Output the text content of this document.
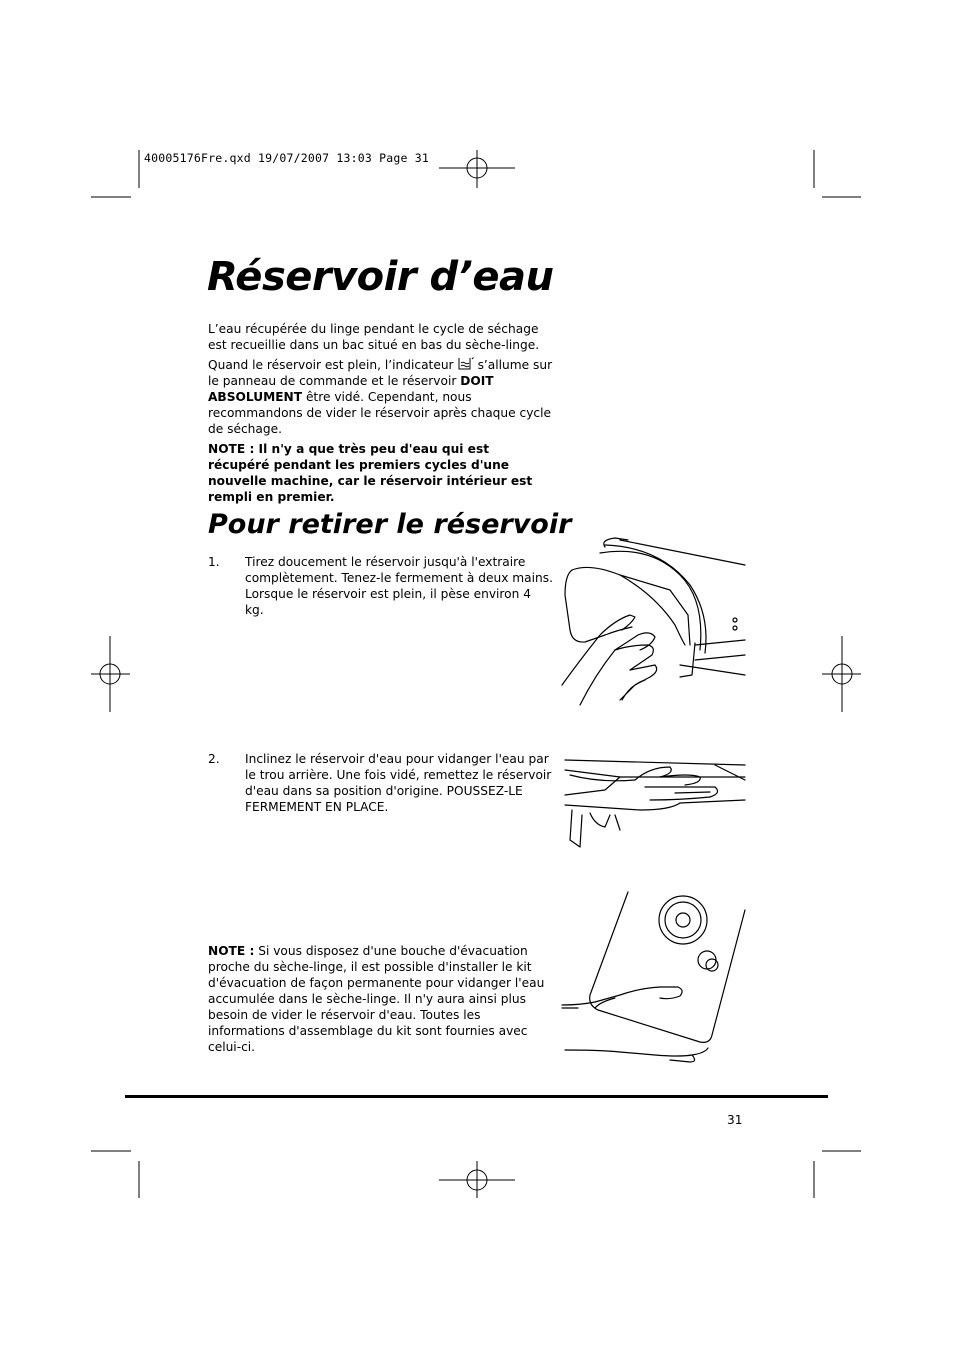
40005176Fre.qxd 19/07/2007 13:03 Page 31
Réservoir d’eau

L’eau récupérée du linge pendant le cycle de séchage est recueillie dans un bac situé en bas du sèche-linge.

Quand le réservoir est plein, l’indicateur s’allume sur le panneau de commande et le réservoir DOIT ABSOLUMENT être vidé. Cependant, nous recommandons de vider le réservoir après chaque cycle de séchage.

NOTE : Il n'y a que très peu d'eau qui est récupéré pendant les premiers cycles d'une nouvelle machine, car le réservoir intérieur est rempli en premier.

Pour retirer le réservoir
1. Tirez doucement le réservoir jusqu'à l'extraire complètement. Tenez-le fermement à deux mains. Lorsque le réservoir est plein, il pèse environ 4 kg.
2. Inclinez le réservoir d'eau pour vidanger l'eau par le trou arrière. Une fois vidé, remettez le réservoir d'eau dans sa position d'origine. POUSSEZ-LE FERMEMENT EN PLACE.
NOTE : Si vous disposez d'une bouche d'évacuation proche du sèche-linge, il est possible d'installer le kit d'évacuation de façon permanente pour vidanger l'eau accumulée dans le sèche-linge. Il n'y aura ainsi plus besoin de vider le réservoir d'eau. Toutes les informations d'assemblage du kit sont fournies avec celui-ci.
31
